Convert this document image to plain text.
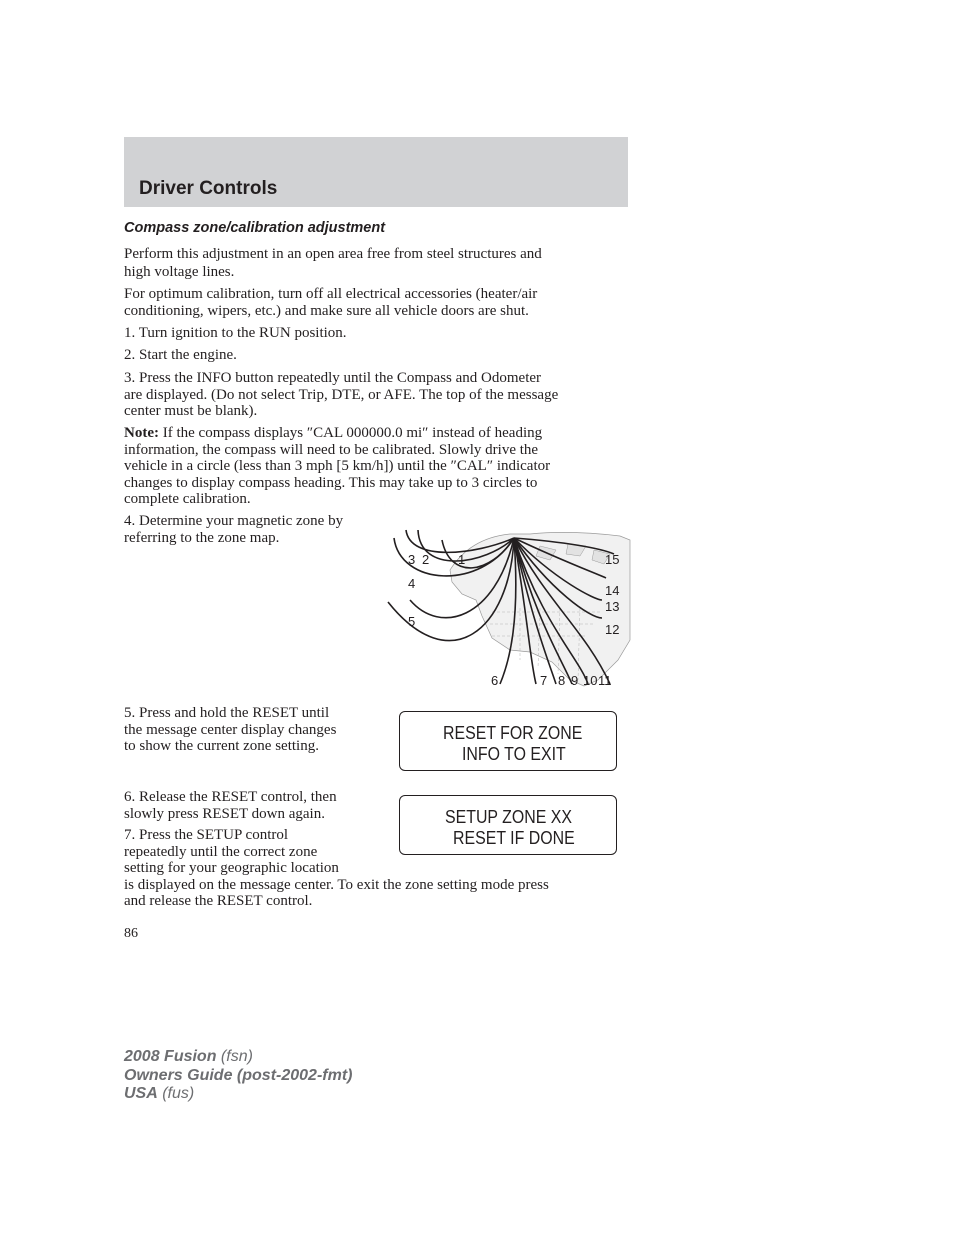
Driver Controls
Compass zone/calibration adjustment
Perform this adjustment in an open area free from steel structures and
high voltage lines.
For optimum calibration, turn off all electrical accessories (heater/air
conditioning, wipers, etc.) and make sure all vehicle doors are shut.
1. Turn ignition to the RUN position.
2. Start the engine.
3. Press the INFO button repeatedly until the Compass and Odometer
are displayed. (Do not select Trip, DTE, or AFE. The top of the message
center must be blank).
Note: If the compass displays ″CAL 000000.0 mi″ instead of heading
information, the compass will need to be calibrated. Slowly drive the
vehicle in a circle (less than 3 mph [5 km/h]) until the ″CAL″ indicator
changes to display compass heading. This may take up to 3 circles to
complete calibration.
4. Determine your magnetic zone by
referring to the zone map.
3 2 1
4
5
6	7 8 9 10 11
12
13
14
15
5. Press and hold the RESET until
the message center display changes
to show the current zone setting.
RESET FOR ZONE
INFO TO EXIT
6. Release the RESET control, then
slowly press RESET down again.	SETUP ZONE XX
RESET IF DONE
7. Press the SETUP control
repeatedly until the correct zone
setting for your geographic location
is displayed on the message center. To exit the zone setting mode press
and release the RESET control.
86
2008 Fusion (fsn)
Owners Guide (post-2002-fmt)
USA (fus)
